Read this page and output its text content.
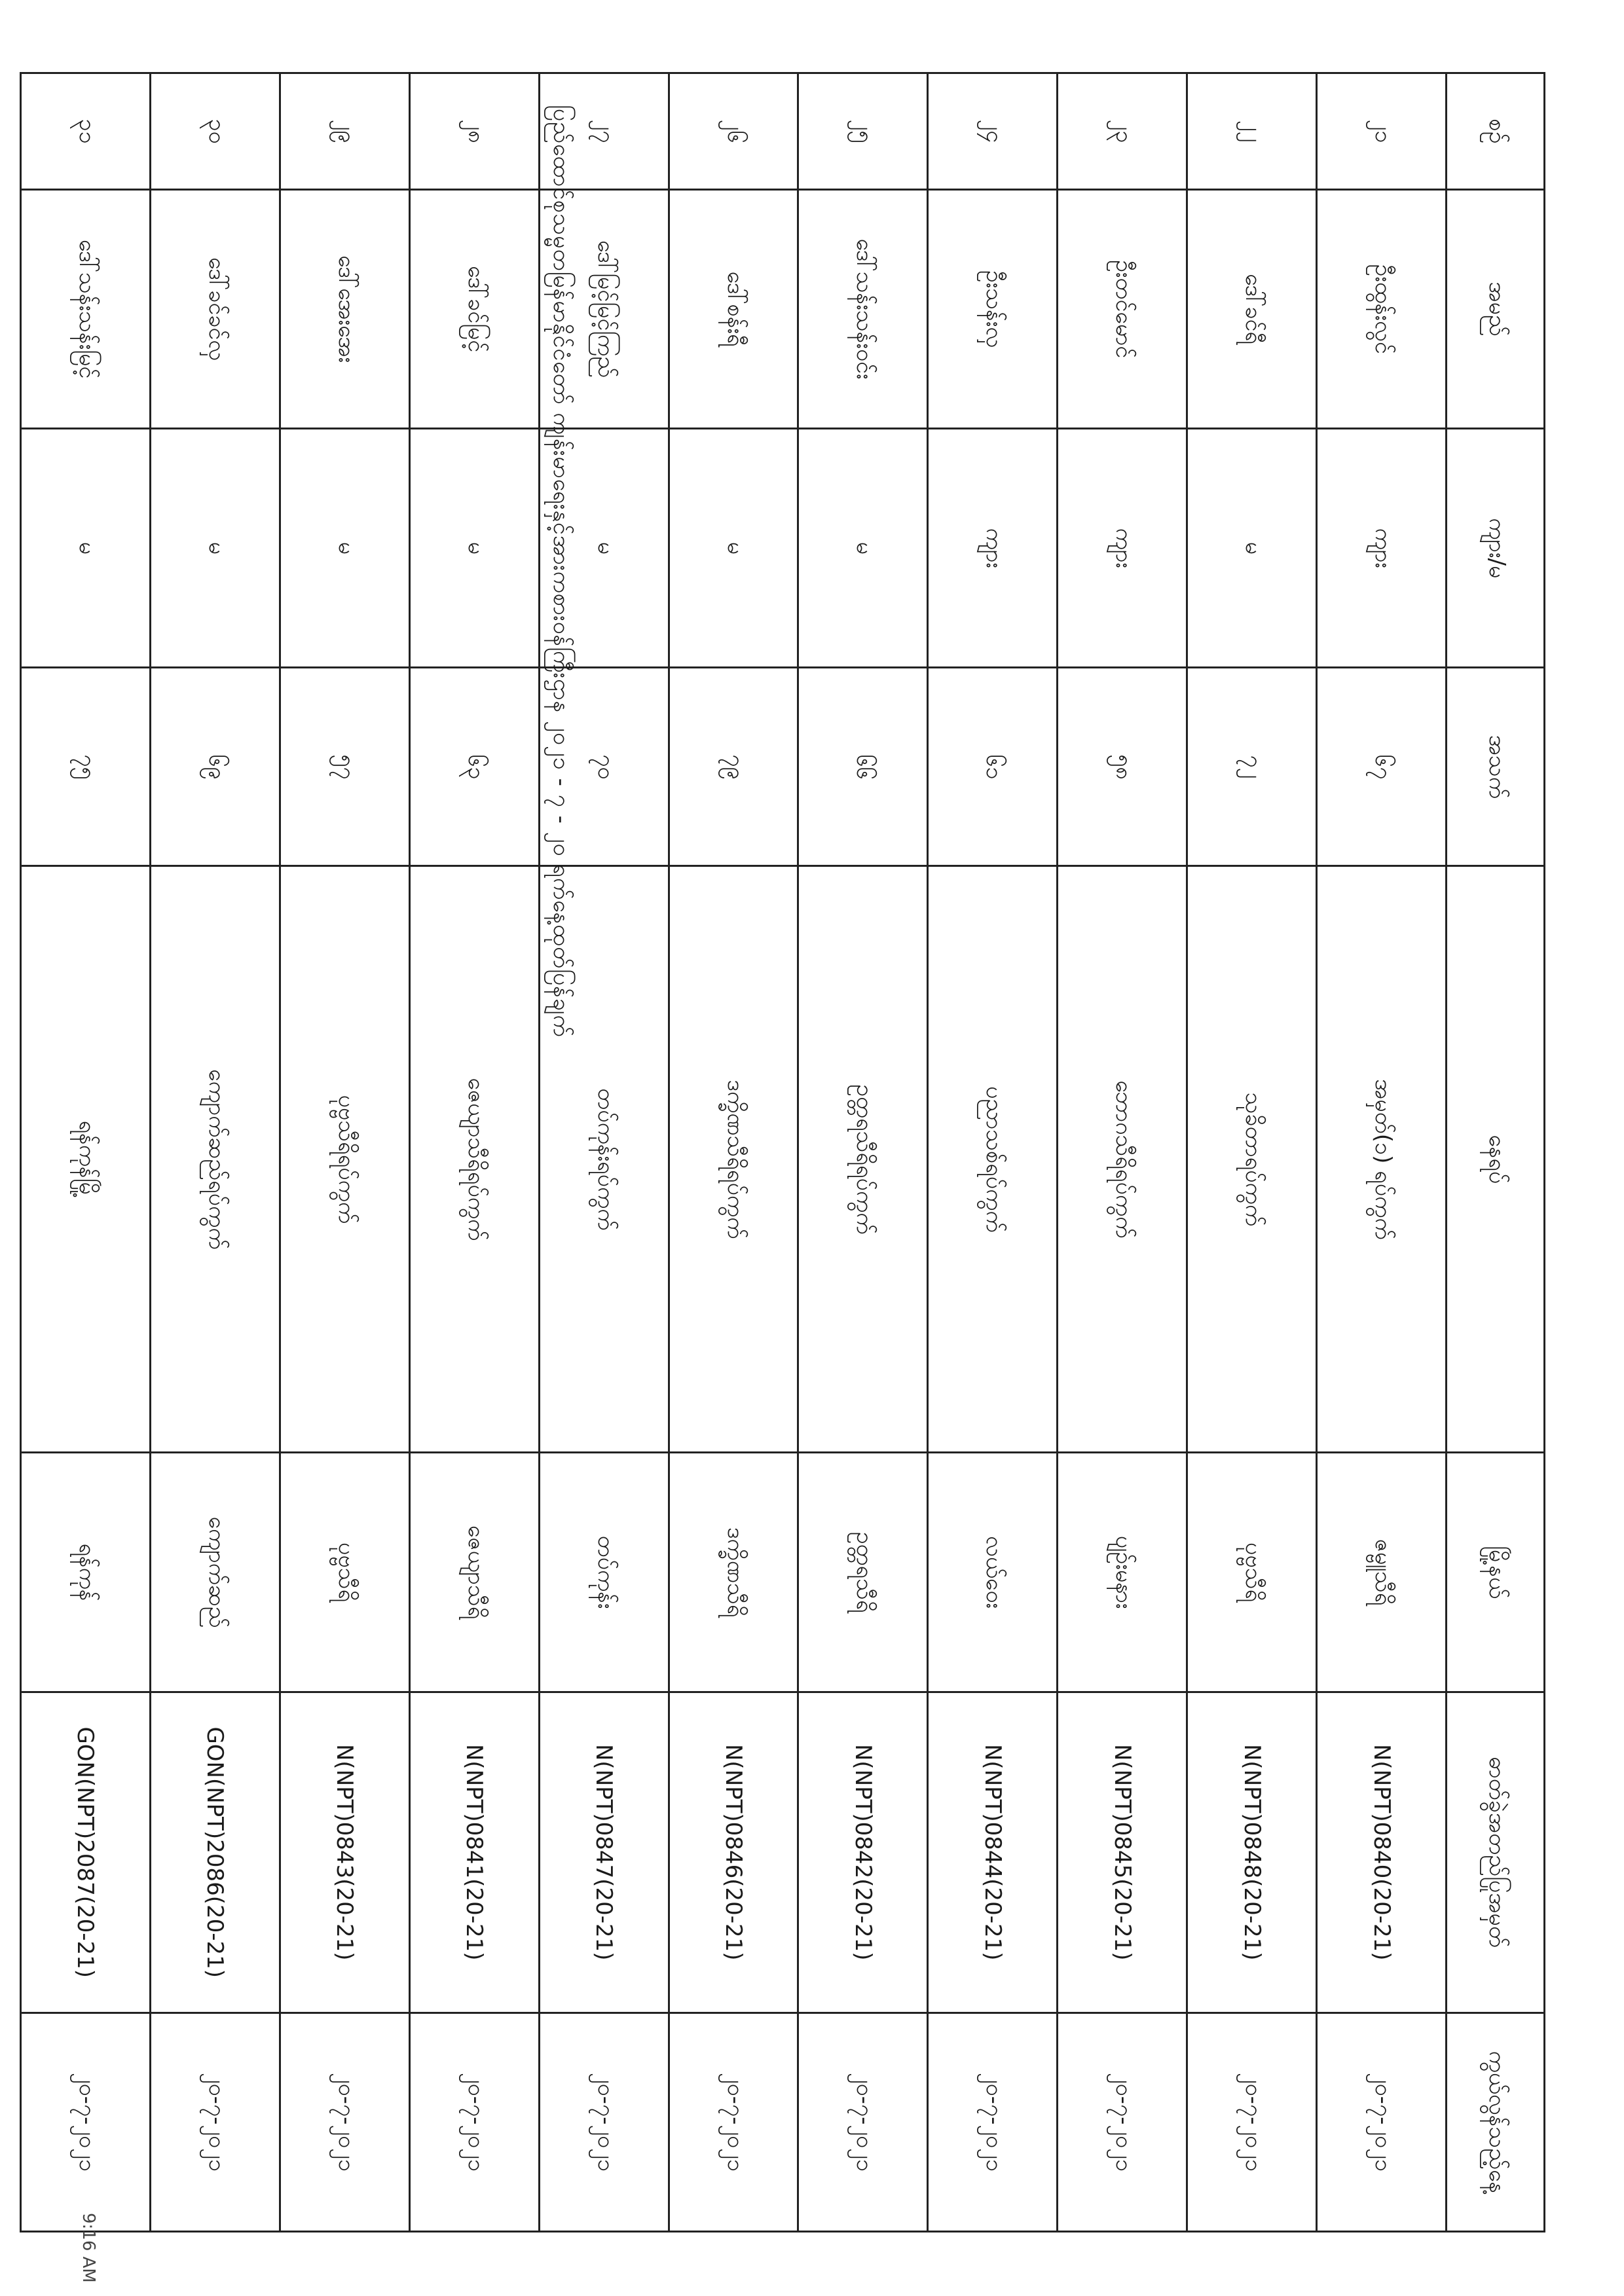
စဉ်	အမည်	ကျား/မ	အသက်	နေရပ်	မြို့နယ်	ဓာတ်ခွဲအတည်ပြုအမှတ်	ကွယ်လွန်သည့်နေ့
၂၁	ဦးထွန်းလွင်	ကျား	၆၇	အမှတ်(၁) ရပ်ကွက်	ဇမ္ဗူသီရိ	N(NPT)0840(20-21)	၂၀-၇-၂၀၂၁
၂၂	ဒေါ်ခင်ရီ	မ	၇၂	သုခိတာရပ်ကွက်	ပုဗ္ဗသီရိ	N(NPT)0848(20-21)	၂၀-၇-၂၀၂၁
၂၃	ဦးတင်မောင်	ကျား	၅၈	ဘောဂသီရိရပ်ကွက်	ပျဉ်းမနား	N(NPT)0845(20-21)	၂၀-၇-၂၀၂၁
၂၄	ဦးသန်းလှ	ကျား	၆၁	ပညာသစ်ရပ်ကွက်	လယ်ဝေး	N(NPT)0844(20-21)	၂၀-၇-၂၀၂၁
၂၅	ဒေါ်သန်းသန်းဝင်း	မ	၆၆	ဥတ္တရသီရိရပ်ကွက်	ဥတ္တရသီရိ	N(NPT)0842(20-21)	၂၀-၇-၂၀၂၁
၂၆	ဒေါ်စန်းရီ	မ	၇၉	ဒက္ခိဏသီရိရပ်ကွက်	ဒက္ခိဏသီရိ	N(NPT)0846(20-21)	၂၀-၇-၂၀၂၁
၂၇	ဒေါ်မြင့်မြင့်ကြည်	မ	၇၀	တပ်ကုန်းရပ်ကွက်	တပ်ကုန်း	N(NPT)0847(20-21)	၂၀-၇-၂၀၂၁
၂၈	ဒေါ်ခင်မြင့်	မ	၆၃	ဇေယျာသီရိရပ်ကွက်	ဇေယျာသီရိ	N(NPT)0841(20-21)	၂၀-၇-၂၀၂၁
၂၉	ဒေါ်အေးအေး	မ	၅၇	ပုဗ္ဗသီရိရပ်ကွက်	ပုဗ္ဗသီရိ	N(NPT)0843(20-21)	၂၀-၇-၂၀၂၁
၃၀	ဒေါ်ခင်ခင်လှ	မ	၆၉	ကျောက်ဆည်ရပ်ကွက်	ကျောက်ဆည်	GON(NPT)2086(20-21)	၂၀-၇-၂၀၂၁
၃၁	ဒေါ်သန်းသန်းမြင့်	မ	၇၅	ရန်ကုန်မြို့	ရန်ကုန်	GON(NPT)2087(20-21)	၂၀-၇-၂၀၂၁
ပြည်ထောင်စုသမ္မတမြန်မာနိုင်ငံတော် ကျန်းမာရေးနှင့်အားကစားဝန်ကြီးဌာန ၂၀၂၁ - ၇ - ၂၀ ရက်နေ့ထုတ်ပြန်ချက်
9:16 AM
